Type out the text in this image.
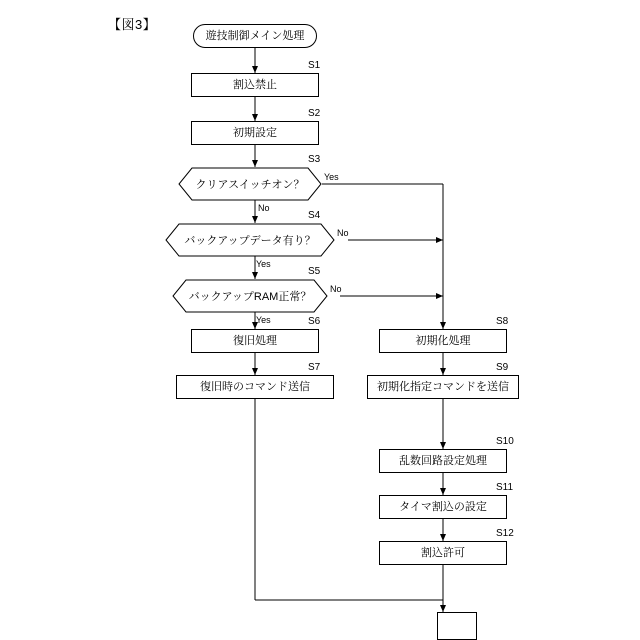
【図3】
遊技制御メイン処理
割込禁止
S1
初期設定
S2
クリアスイッチオン？
S3
Yes
No
バックアップデータ有り？
S4
No
Yes
バックアップRAM正常？
S5
No
Yes
復旧処理
S6
復旧時のコマンド送信
S7
初期化処理
S8
初期化指定コマンドを送信
S9
乱数回路設定処理
S10
タイマ割込の設定
S11
割込許可
S12
